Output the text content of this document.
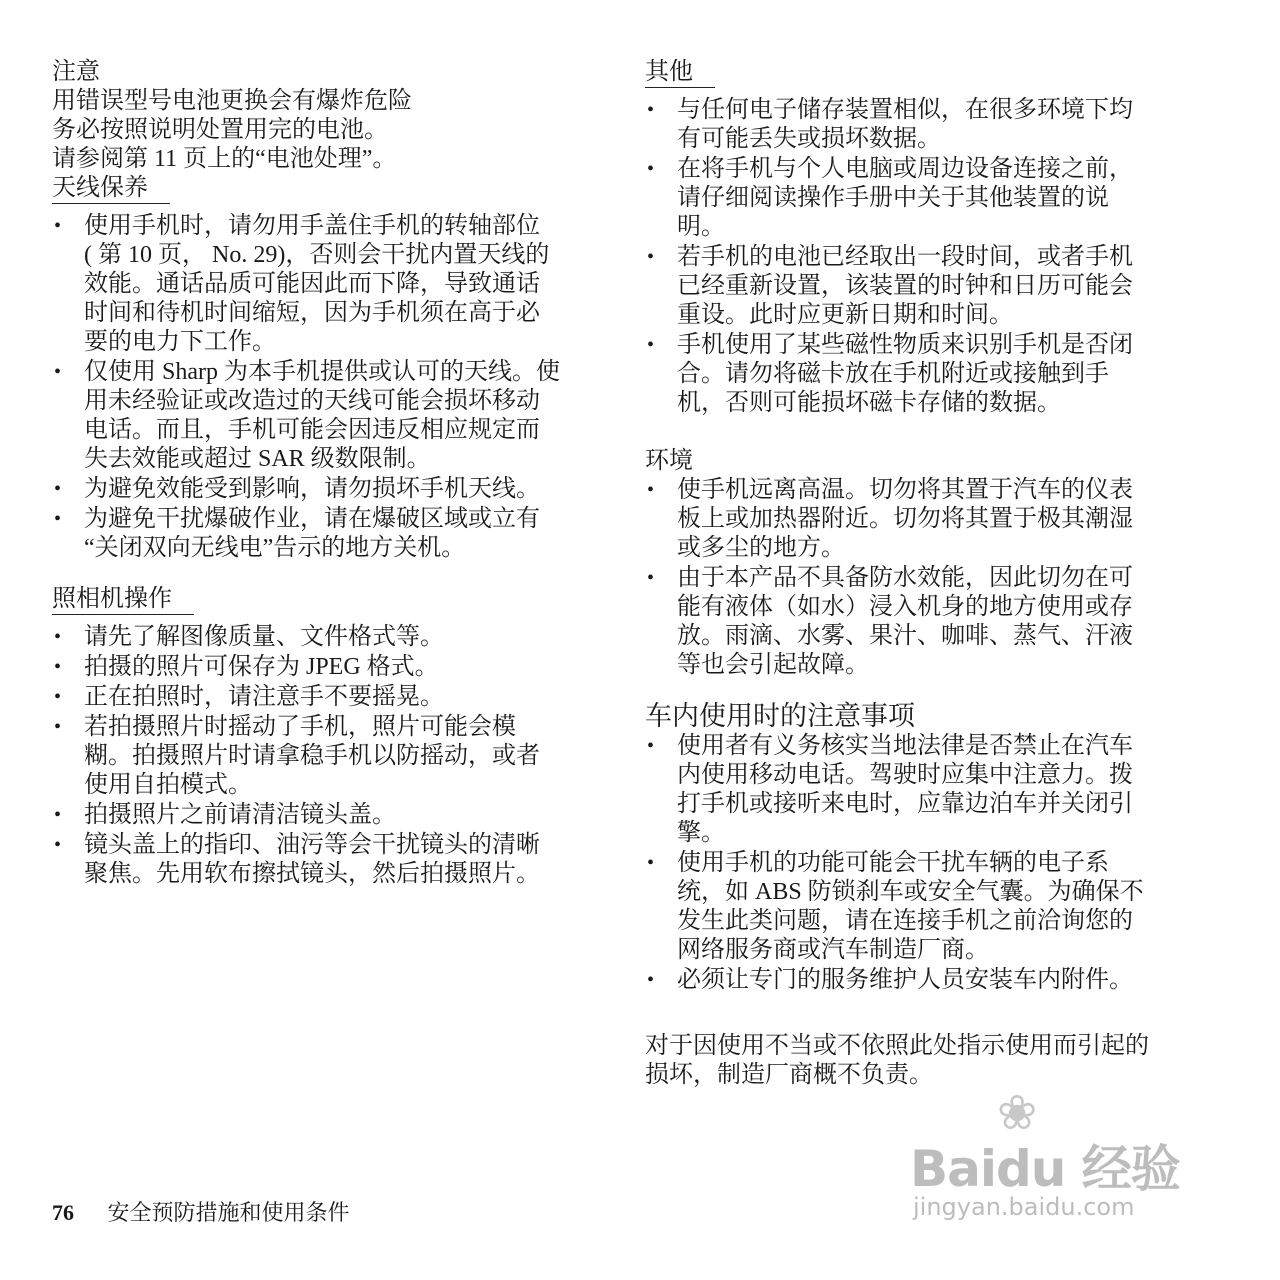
注意
用错误型号电池更换会有爆炸危险
务必按照说明处置用完的电池。
请参阅第 11 页上的“电池处理”。
天线保养
• 使用手机时，请勿用手盖住手机的转轴部位
( 第 10 页， No. 29)，否则会干扰内置天线的
效能。通话品质可能因此而下降，导致通话
时间和待机时间缩短，因为手机须在高于必
要的电力下工作。
• 仅使用 Sharp 为本手机提供或认可的天线。使
用未经验证或改造过的天线可能会损坏移动
电话。而且，手机可能会因违反相应规定而
失去效能或超过 SAR 级数限制。
• 为避免效能受到影响，请勿损坏手机天线。
• 为避免干扰爆破作业，请在爆破区域或立有
“关闭双向无线电”告示的地方关机。
照相机操作
• 请先了解图像质量、文件格式等。
• 拍摄的照片可保存为 JPEG 格式。
• 正在拍照时，请注意手不要摇晃。
• 若拍摄照片时摇动了手机，照片可能会模
糊。拍摄照片时请拿稳手机以防摇动，或者
使用自拍模式。
• 拍摄照片之前请清洁镜头盖。
• 镜头盖上的指印、油污等会干扰镜头的清晰
聚焦。先用软布擦拭镜头，然后拍摄照片。
其他
• 与任何电子储存装置相似，在很多环境下均
有可能丢失或损坏数据。
• 在将手机与个人电脑或周边设备连接之前，
请仔细阅读操作手册中关于其他装置的说
明。
• 若手机的电池已经取出一段时间，或者手机
已经重新设置，该装置的时钟和日历可能会
重设。此时应更新日期和时间。
• 手机使用了某些磁性物质来识别手机是否闭
合。请勿将磁卡放在手机附近或接触到手
机，否则可能损坏磁卡存储的数据。
环境
• 使手机远离高温。切勿将其置于汽车的仪表
板上或加热器附近。切勿将其置于极其潮湿
或多尘的地方。
• 由于本产品不具备防水效能，因此切勿在可
能有液体（如水）浸入机身的地方使用或存
放。雨滴、水雾、果汁、咖啡、蒸气、汗液
等也会引起故障。
车内使用时的注意事项
• 使用者有义务核实当地法律是否禁止在汽车
内使用移动电话。驾驶时应集中注意力。拨
打手机或接听来电时，应靠边泊车并关闭引
擎。
• 使用手机的功能可能会干扰车辆的电子系
统，如 ABS 防锁刹车或安全气囊。为确保不
发生此类问题，请在连接手机之前洽询您的
网络服务商或汽车制造厂商。
• 必须让专门的服务维护人员安装车内附件。
对于因使用不当或不依照此处指示使用而引起的
损坏，制造厂商概不负责。
76 安全预防措施和使用条件
❀
Baidu 经验
jingyan.baidu.com
